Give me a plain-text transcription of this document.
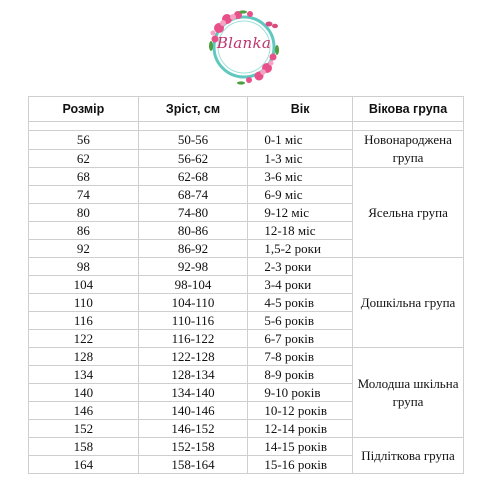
Blanka
Розмір	Зріст, см	Вік	Вікова група

56	50-56	0-1 міс	Новонароджена група
62	56-62	1-3 міс	
68	62-68	3-6 міс	Ясельна група
74	68-74	6-9 міс	
80	74-80	9-12 міс	
86	80-86	12-18 міс	
92	86-92	1,5-2 роки	
98	92-98	2-3 роки	Дошкільна група
104	98-104	3-4 роки	
110	104-110	4-5 років	
116	110-116	5-6 років	
122	116-122	6-7 років	
128	122-128	7-8 років	Молодша шкільна група
134	128-134	8-9 років	
140	134-140	9-10 років	
146	140-146	10-12 років	
152	146-152	12-14 років	
158	152-158	14-15 років	Підліткова група
164	158-164	15-16 років	
